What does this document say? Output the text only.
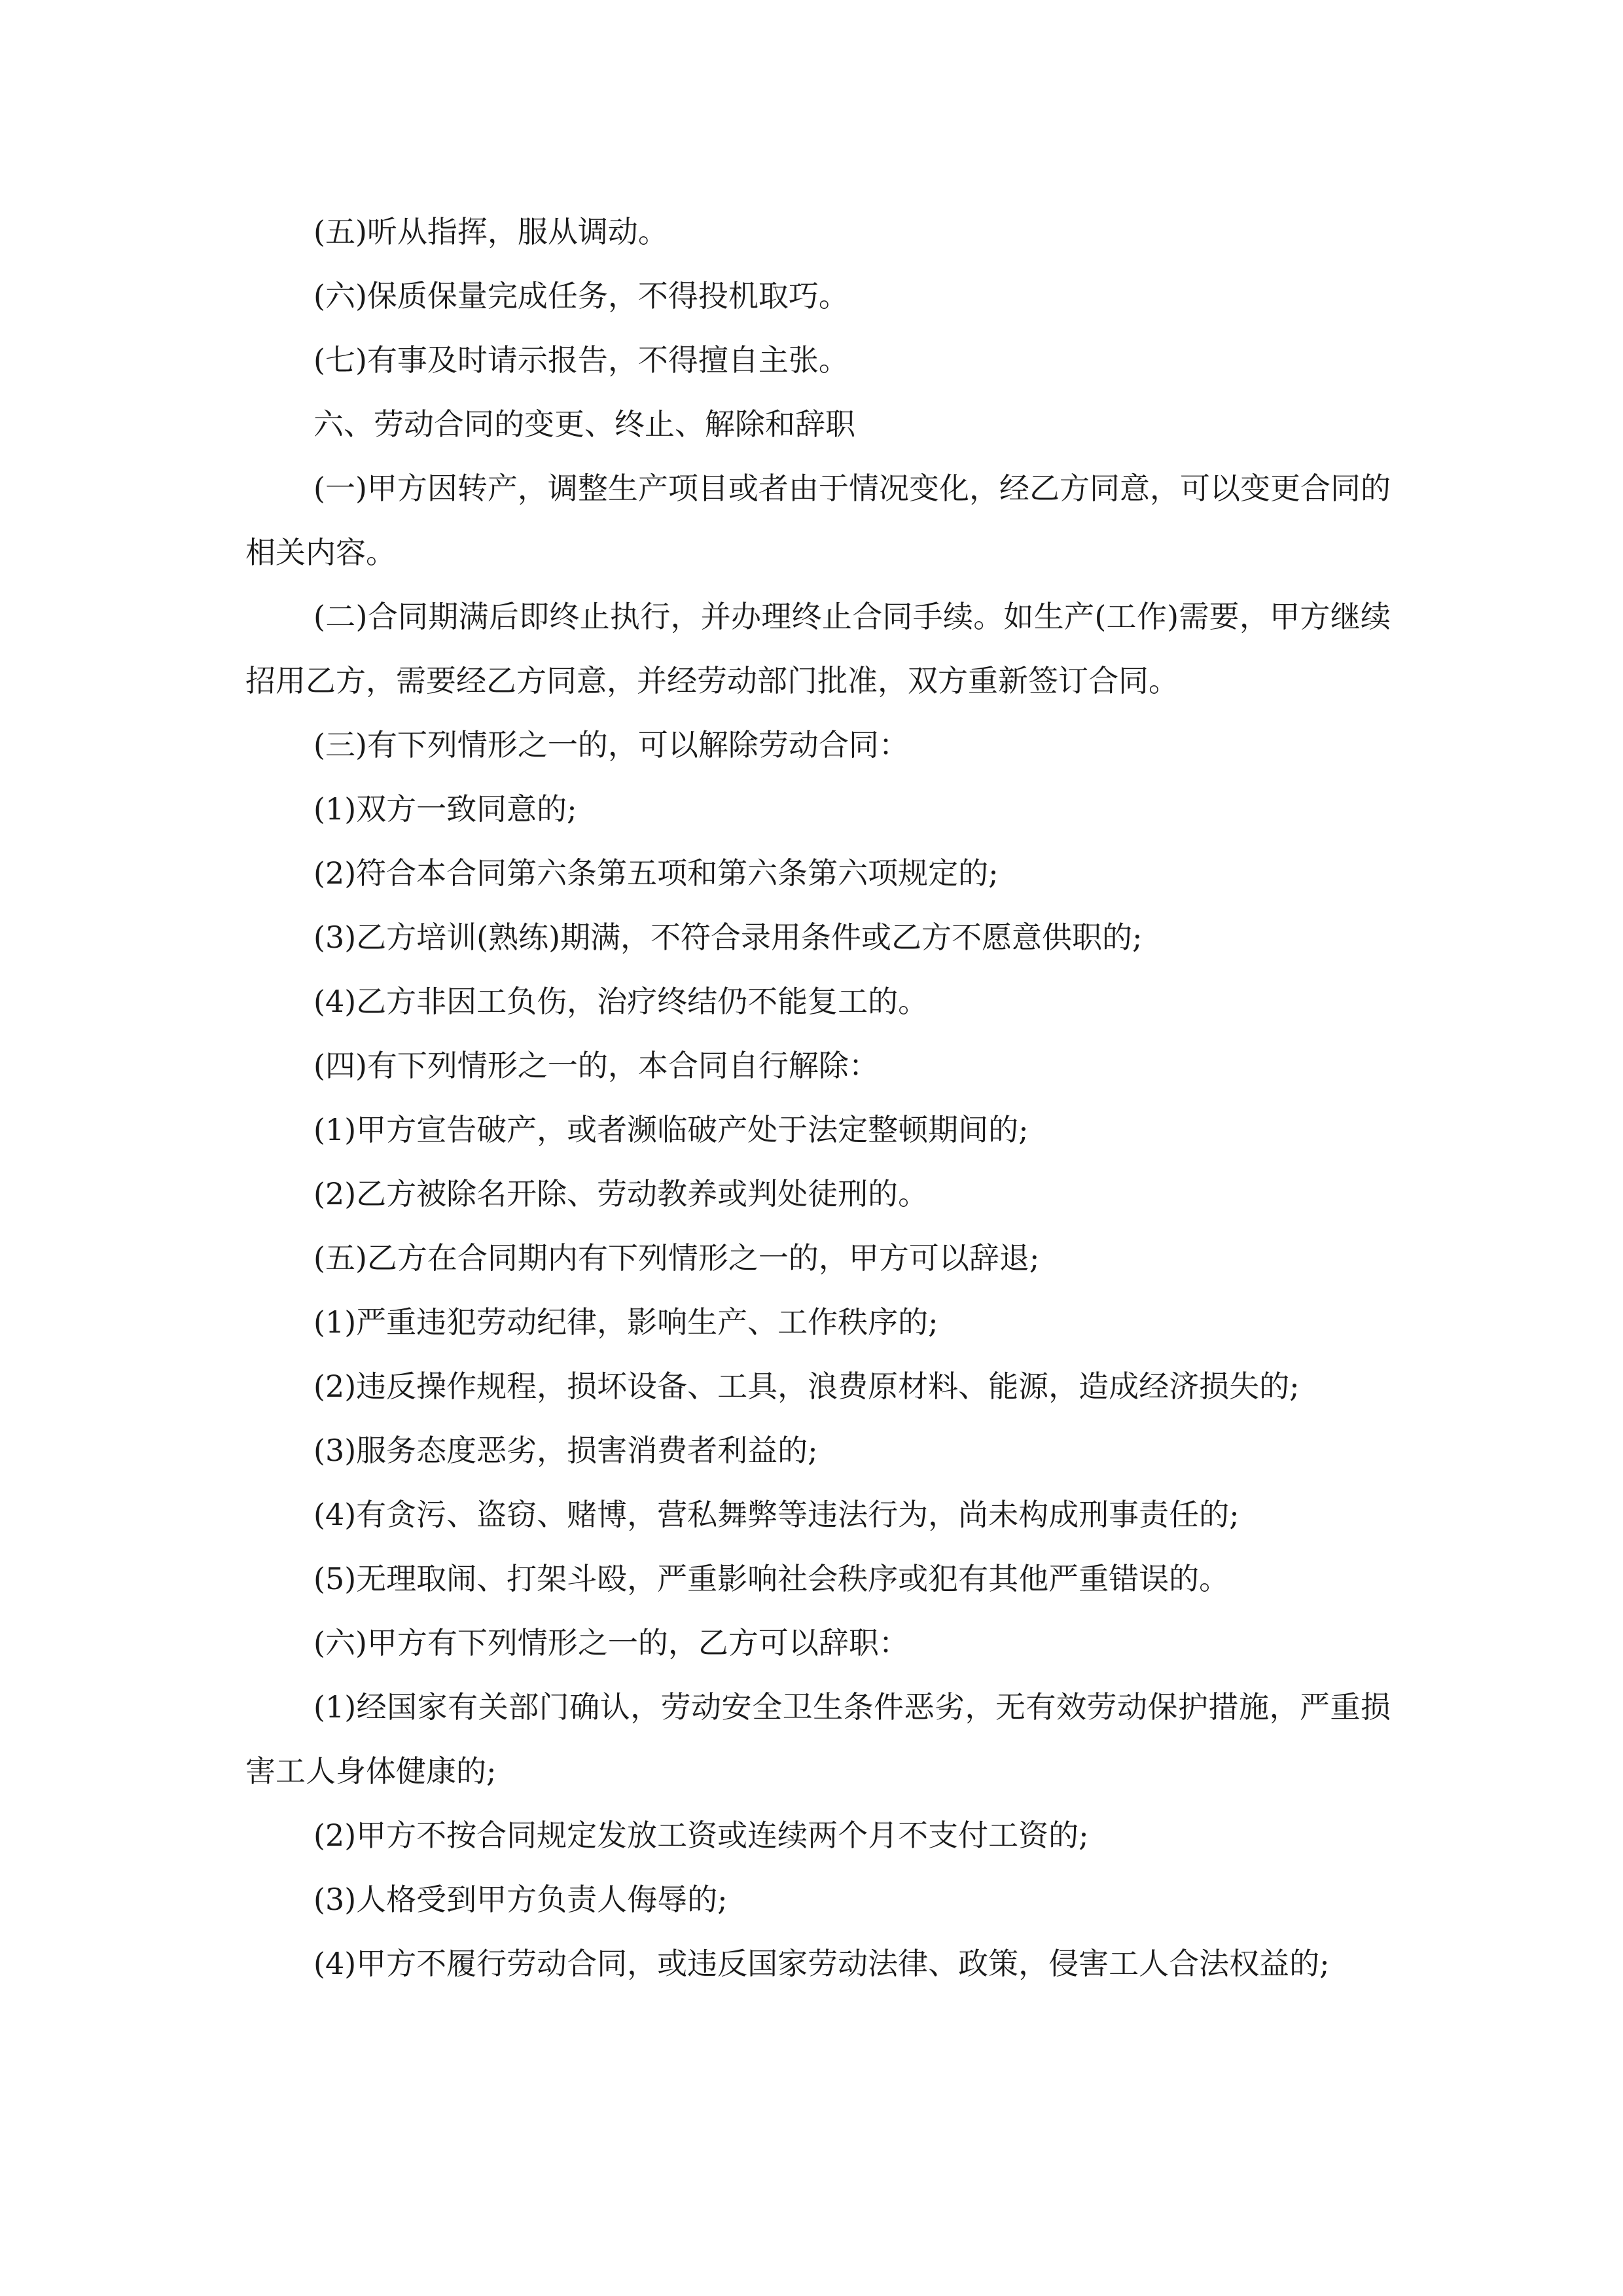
(五)听从指挥，服从调动。

(六)保质保量完成任务，不得投机取巧。

(七)有事及时请示报告，不得擅自主张。

六、劳动合同的变更、终止、解除和辞职

(一)甲方因转产，调整生产项目或者由于情况变化，经乙方同意，可以变更合同的相关内容。

(二)合同期满后即终止执行，并办理终止合同手续。如生产(工作)需要，甲方继续招用乙方，需要经乙方同意，并经劳动部门批准，双方重新签订合同。

(三)有下列情形之一的，可以解除劳动合同：

(1)双方一致同意的;

(2)符合本合同第六条第五项和第六条第六项规定的;

(3)乙方培训(熟练)期满，不符合录用条件或乙方不愿意供职的;

(4)乙方非因工负伤，治疗终结仍不能复工的。

(四)有下列情形之一的，本合同自行解除：

(1)甲方宣告破产，或者濒临破产处于法定整顿期间的;

(2)乙方被除名开除、劳动教养或判处徒刑的。

(五)乙方在合同期内有下列情形之一的，甲方可以辞退;

(1)严重违犯劳动纪律，影响生产、工作秩序的;

(2)违反操作规程，损坏设备、工具，浪费原材料、能源，造成经济损失的;

(3)服务态度恶劣，损害消费者利益的;

(4)有贪污、盗窃、赌博，营私舞弊等违法行为，尚未构成刑事责任的;

(5)无理取闹、打架斗殴，严重影响社会秩序或犯有其他严重错误的。

(六)甲方有下列情形之一的，乙方可以辞职：

(1)经国家有关部门确认，劳动安全卫生条件恶劣，无有效劳动保护措施，严重损害工人身体健康的;

(2)甲方不按合同规定发放工资或连续两个月不支付工资的;

(3)人格受到甲方负责人侮辱的;

(4)甲方不履行劳动合同，或违反国家劳动法律、政策，侵害工人合法权益的;
